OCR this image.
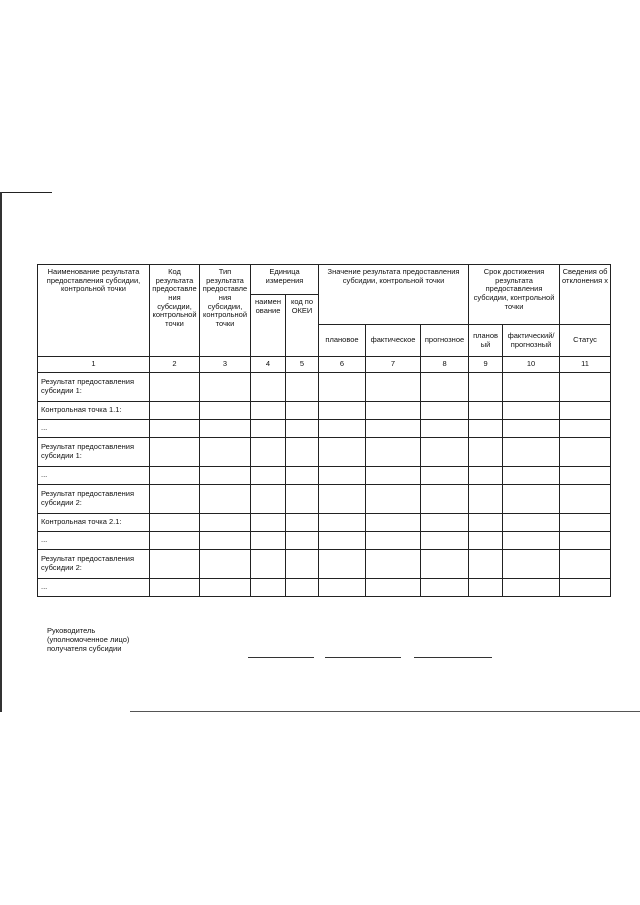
Наименование результата предоставления субсидии, контрольной точки	Код результата предоставле ния субсидии, контрольной точки	Тип результата предоставле ния субсидии, контрольной точки	Единица измерения		Значение результата предоставления субсидии, контрольной точки			Срок достижения результата предоставления субсидии, контрольной точки		Сведения об отклонения х
			наимен ование	код по ОКЕИ						
					плановое	фактическое	прогнозное	планов ый	фактический/ прогнозный	Статус
1	2	3	4	5	6	7	8	9	10	11
Результат предоставления субсидии 1:										
Контрольная точка 1.1:										
...										
Результат предоставления субсидии 1:										
...										
Результат предоставления субсидии 2:										
Контрольная точка 2.1:										
...										
Результат предоставления субсидии 2:										
...										
Руководитель
(уполномоченное лицо)
получателя субсидии
